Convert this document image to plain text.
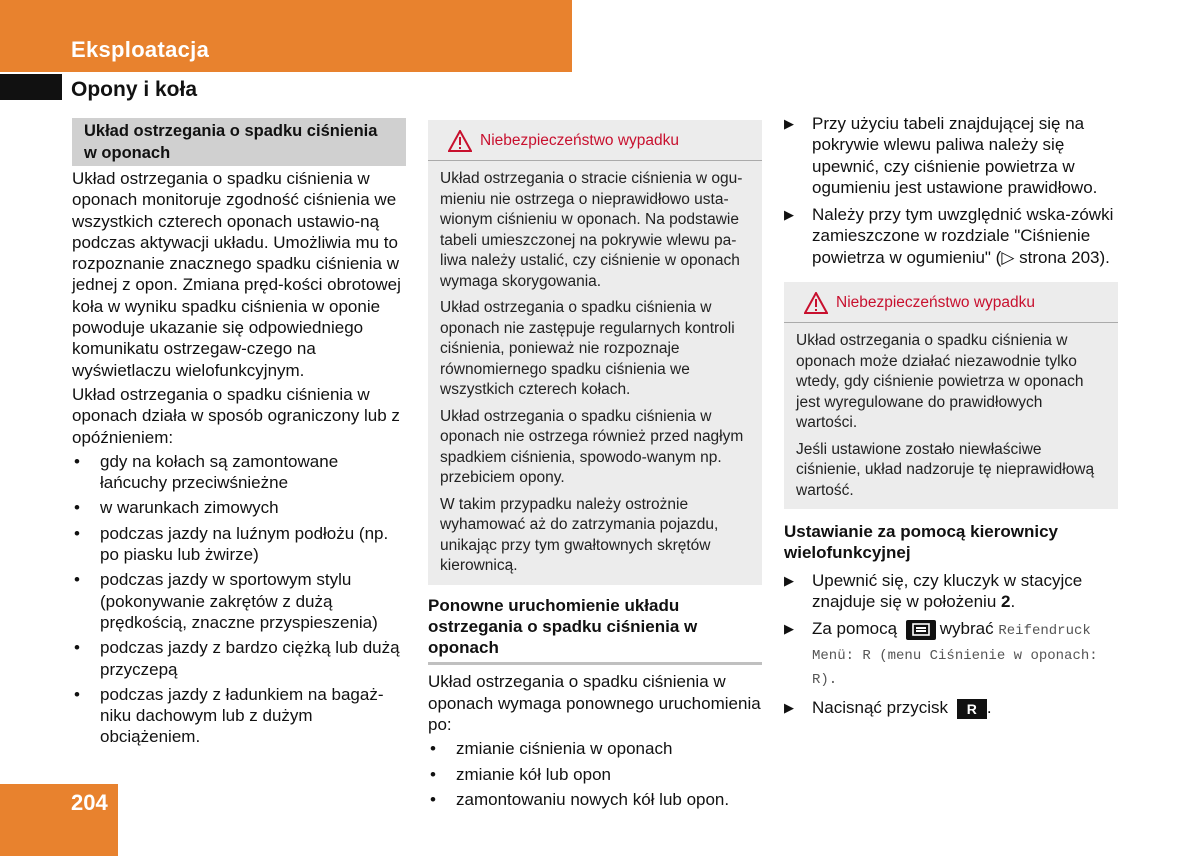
Eksploatacja
Opony i koła
Układ ostrzegania o spadku ciśnienia w oponach

Układ ostrzegania o spadku ciśnienia w oponach monitoruje zgodność ciśnienia we wszystkich czterech oponach ustawio-ną podczas aktywacji układu. Umożliwia mu to rozpoznanie znacznego spadku ciśnienia w jednej z opon. Zmiana pręd-kości obrotowej koła w wyniku spadku ciśnienia w oponie powoduje ukazanie się odpowiedniego komunikatu ostrzegaw-czego na wyświetlaczu wielofunkcyjnym.

Układ ostrzegania o spadku ciśnienia w oponach działa w sposób ograniczony lub z opóźnieniem:

• gdy na kołach są zamontowane łańcuchy przeciwśnieżne
• w warunkach zimowych
• podczas jazdy na luźnym podłożu (np. po piasku lub żwirze)
• podczas jazdy w sportowym stylu (pokonywanie zakrętów z dużą prędkością, znaczne przyspieszenia)
• podczas jazdy z bardzo ciężką lub dużą przyczepą
• podczas jazdy z ładunkiem na bagaż-niku dachowym lub z dużym obciążeniem.
Niebezpieczeństwo wypadku

Układ ostrzegania o stracie ciśnienia w ogu-mieniu nie ostrzega o nieprawidłowo usta-wionym ciśnieniu w oponach. Na podstawie tabeli umieszczonej na pokrywie wlewu pa-liwa należy ustalić, czy ciśnienie w oponach wymaga skorygowania.

Układ ostrzegania o spadku ciśnienia w oponach nie zastępuje regularnych kontroli ciśnienia, ponieważ nie rozpoznaje równomiernego spadku ciśnienia we wszystkich czterech kołach.

Układ ostrzegania o spadku ciśnienia w oponach nie ostrzega również przed nagłym spadkiem ciśnienia, spowodo-wanym np. przebiciem opony.

W takim przypadku należy ostrożnie wyhamować aż do zatrzymania pojazdu, unikając przy tym gwałtownych skrętów kierownicą.

Ponowne uruchomienie układu ostrzegania o spadku ciśnienia w oponach

Układ ostrzegania o spadku ciśnienia w oponach wymaga ponownego uruchomienia po:

• zmianie ciśnienia w oponach
• zmianie kół lub opon
• zamontowaniu nowych kół lub opon.
▶ Przy użyciu tabeli znajdującej się na pokrywie wlewu paliwa należy się upewnić, czy ciśnienie powietrza w ogumieniu jest ustawione prawidłowo.
▶ Należy przy tym uwzględnić wska-zówki zamieszczone w rozdziale "Ciśnienie powietrza w ogumieniu" (▷ strona 203).
Niebezpieczeństwo wypadku

Układ ostrzegania o spadku ciśnienia w oponach może działać niezawodnie tylko wtedy, gdy ciśnienie powietrza w oponach jest wyregulowane do prawidłowych wartości.

Jeśli ustawione zostało niewłaściwe ciśnienie, układ nadzoruje tę nieprawidłową wartość.

Ustawianie za pomocą kierownicy wielofunkcyjnej
▶ Upewnić się, czy kluczyk w stacyjce znajduje się w położeniu 2.
▶ Za pomocą	wybrać Reifendruck Menü: R (menu Ciśnienie w oponach: R).
▶ Nacisnąć przycisk R .
204
